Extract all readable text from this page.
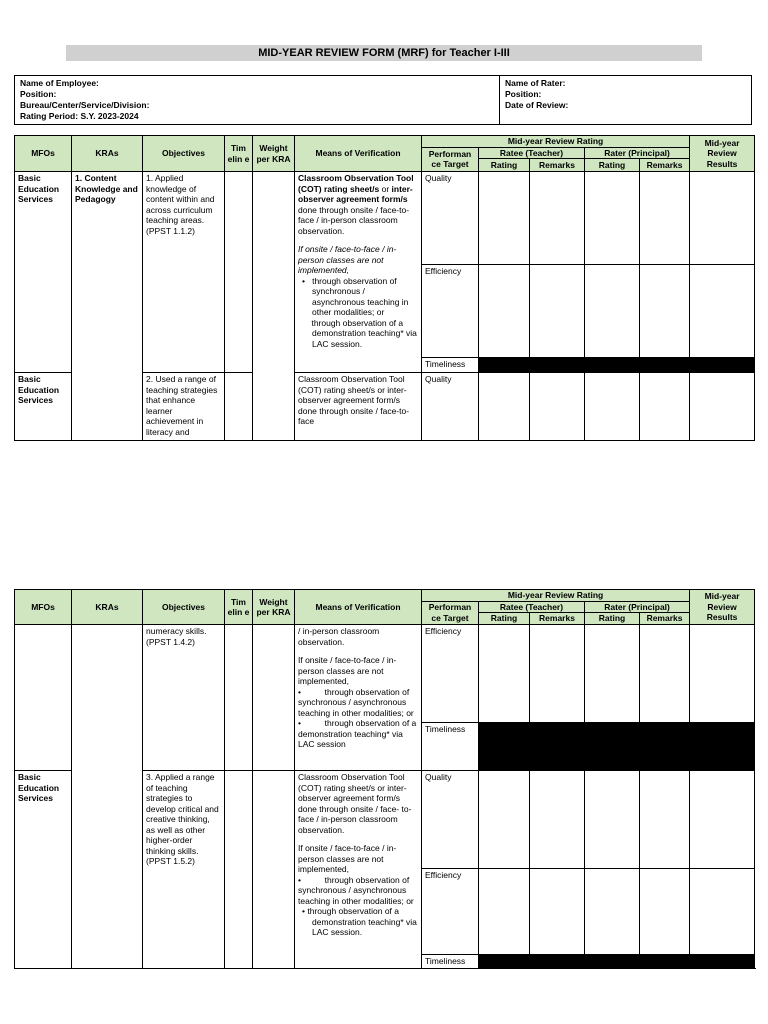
MID-YEAR REVIEW FORM (MRF) for Teacher I-III
Name of Employee:
Position:
Bureau/Center/Service/Division:
Rating Period: S.Y. 2023-2024
Name of Rater:
Position:
Date of Review:
MFOs	KRAs	Objectives	Tim elin e	Weight per KRA	Means of Verification	Mid-year Review Rating					Mid-year Review Results
						Performan ce Target	Ratee (Teacher)		Rater (Principal)		
							Rating	Remarks	Rating	Remarks	
Basic Education Services	1. Content Knowledge and Pedagogy	1. Applied knowledge of content within and across curriculum teaching areas. (PPST 1.1.2)			Classroom Observation Tool (COT) rating sheet/s or inter-observer agreement form/s done through onsite / face-to-face / in-person classroom observation.
If onsite / face-to-face / in-person classes are not implemented,
• through observation of synchronous / asynchronous teaching in other modalities; or
through observation of a demonstration teaching* via LAC session.	Quality					
						Efficiency					
						Timeliness					
Basic Education Services		2. Used a range of teaching strategies that enhance learner achievement in literacy and			Classroom Observation Tool (COT) rating sheet/s or inter-observer agreement form/s done through onsite / face-to-face	Quality					
MFOs	KRAs	Objectives	Tim elin e	Weight per KRA	Means of Verification	Mid-year Review Rating					Mid-year Review Results
						Performan ce Target	Ratee (Teacher)		Rater (Principal)		
							Rating	Remarks	Rating	Remarks	
		numeracy skills. (PPST 1.4.2)			/ in-person classroom observation.
If onsite / face-to-face / in-person classes are not implemented,
• through observation of synchronous / asynchronous teaching in other modalities; or
• through observation of a demonstration teaching* via LAC session	Efficiency					
						Timeliness					
Basic Education Services		3. Applied a range of teaching strategies to develop critical and creative thinking, as well as other higher-order thinking skills. (PPST 1.5.2)			Classroom Observation Tool (COT) rating sheet/s or inter-observer agreement form/s done through onsite / face- to- face / in-person classroom observation.
If onsite / face-to-face / in-person classes are not implemented,
• through observation of synchronous / asynchronous teaching in other modalities; or
• through observation of a demonstration teaching* via LAC session.	Quality					
						Efficiency					
						Timeliness					
